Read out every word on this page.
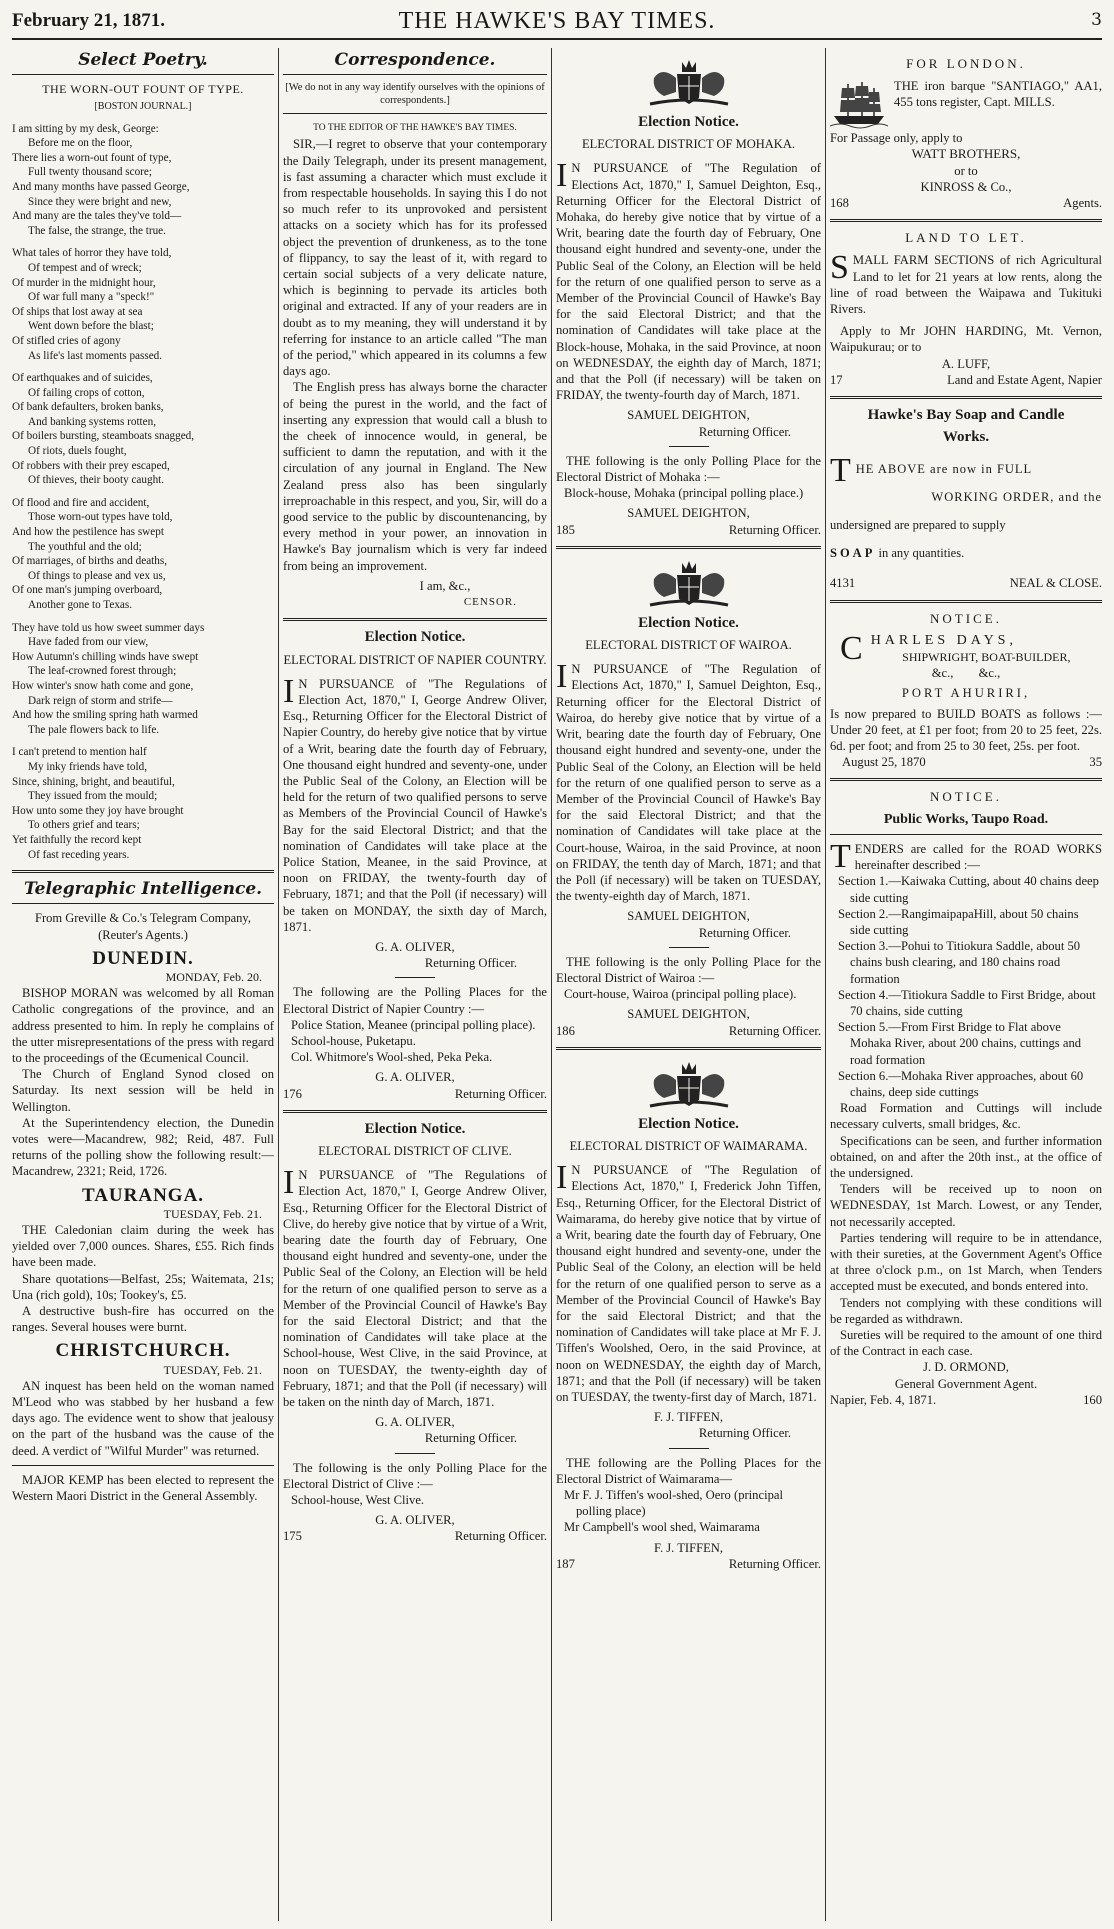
February 21, 1871.	THE HAWKE'S BAY TIMES.	3
Select Poetry.
THE WORN-OUT FOUNT OF TYPE.
[BOSTON JOURNAL.]
I am sitting by my desk, George:
Before me on the floor,
There lies a worn-out fount of type,
Full twenty thousand score;
And many months have passed George,
Since they were bright and new,
And many are the tales they've told—
The false, the strange, the true.
What tales of horror they have told,
Of tempest and of wreck;
Of murder in the midnight hour,
Of war full many a "speck!"
Of ships that lost away at sea
Went down before the blast;
Of stifled cries of agony
As life's last moments passed.
Of earthquakes and of suicides,
Of failing crops of cotton,
Of bank defaulters, broken banks,
And banking systems rotten,
Of boilers bursting, steamboats snagged,
Of riots, duels fought,
Of robbers with their prey escaped,
Of thieves, their booty caught.
Of flood and fire and accident,
Those worn-out types have told,
And how the pestilence has swept
The youthful and the old;
Of marriages, of births and deaths,
Of things to please and vex us,
Of one man's jumping overboard,
Another gone to Texas.
They have told us how sweet summer days
Have faded from our view,
How Autumn's chilling winds have swept
The leaf-crowned forest through;
How winter's snow hath come and gone,
Dark reign of storm and strife—
And how the smiling spring hath warmed
The pale flowers back to life.
I can't pretend to mention half
My inky friends have told,
Since, shining, bright, and beautiful,
They issued from the mould;
How unto some they joy have brought
To others grief and tears;
Yet faithfully the record kept
Of fast receding years.
Telegraphic Intelligence.
From Greville & Co.'s Telegram Company, (Reuter's Agents.)
DUNEDIN.
MONDAY, Feb. 20.

BISHOP MORAN was welcomed by all Roman Catholic congregations of the province, and an address presented to him. In reply he complains of the utter misrepresentations of the press with regard to the proceedings of the Œcumenical Council.

The Church of England Synod closed on Saturday. Its next session will be held in Wellington.

At the Superintendency election, the Dunedin votes were—Macandrew, 982; Reid, 487. Full returns of the polling show the following result:—Macandrew, 2321; Reid, 1726.

TAURANGA.
TUESDAY, Feb. 21.

THE Caledonian claim during the week has yielded over 7,000 ounces. Shares, £55. Rich finds have been made.

Share quotations—Belfast, 25s; Waitemata, 21s; Una (rich gold), 10s; Tookey's, £5.

A destructive bush-fire has occurred on the ranges. Several houses were burnt.

CHRISTCHURCH.
TUESDAY, Feb. 21.

AN inquest has been held on the woman named M'Leod who was stabbed by her husband a few days ago. The evidence went to show that jealousy on the part of the husband was the cause of the deed. A verdict of "Wilful Murder" was returned.

MAJOR KEMP has been elected to represent the Western Maori District in the General Assembly.

Correspondence.
[We do not in any way identify ourselves with the opinions of correspondents.]
TO THE EDITOR OF THE HAWKE'S BAY TIMES.

SIR,—I regret to observe that your contemporary the Daily Telegraph, under its present management, is fast assuming a character which must exclude it from respectable households. In saying this I do not so much refer to its unprovoked and persistent attacks on a society which has for its professed object the prevention of drunkeness, as to the tone of flippancy, to say the least of it, with regard to certain social subjects of a very delicate nature, which is beginning to pervade its articles both original and extracted. If any of your readers are in doubt as to my meaning, they will understand it by referring for instance to an article called "The man of the period," which appeared in its columns a few days ago.

The English press has always borne the character of being the purest in the world, and the fact of inserting any expression that would call a blush to the cheek of innocence would, in general, be sufficient to damn the reputation, and with it the circulation of any journal in England. The New Zealand press also has been singularly irreproachable in this respect, and you, Sir, will do a good service to the public by discountenancing, by every method in your power, an innovation in Hawke's Bay journalism which is very far indeed from being an improvement.

I am, &c.,
CENSOR.
Election Notice.
ELECTORAL DISTRICT OF NAPIER COUNTRY.
IN PURSUANCE of "The Regulations of Election Act, 1870," I, George Andrew Oliver, Esq., Returning Officer for the Electoral District of Napier Country, do hereby give notice that by virtue of a Writ, bearing date the fourth day of February, One thousand eight hundred and seventy-one, under the Public Seal of the Colony, an Election will be held for the return of two qualified persons to serve as Members of the Provincial Council of Hawke's Bay for the said Electoral District; and that the nomination of Candidates will take place at the Police Station, Meanee, in the said Province, at noon on FRIDAY, the twenty-fourth day of February, 1871; and that the Poll (if necessary) will be taken on MONDAY, the sixth day of March, 1871.
G. A. OLIVER,
Returning Officer.
The following are the Polling Places for the Electoral District of Napier Country :—
Police Station, Meanee (principal polling place).
School-house, Puketapu.
Col. Whitmore's Wool-shed, Peka Peka.
G. A. OLIVER,
176	Returning Officer.
Election Notice.
ELECTORAL DISTRICT OF CLIVE.
IN PURSUANCE of "The Regulations of Election Act, 1870," I, George Andrew Oliver, Esq., Returning Officer for the Electoral District of Clive, do hereby give notice that by virtue of a Writ, bearing date the fourth day of February, One thousand eight hundred and seventy-one, under the Public Seal of the Colony, an Election will be held for the return of one qualified person to serve as a Member of the Provincial Council of Hawke's Bay for the said Electoral District; and that the nomination of Candidates will take place at the School-house, West Clive, in the said Province, at noon on TUESDAY, the twenty-eighth day of February, 1871; and that the Poll (if necessary) will be taken on the ninth day of March, 1871.
G. A. OLIVER,
Returning Officer.
The following is the only Polling Place for the Electoral District of Clive :—
School-house, West Clive.
G. A. OLIVER,
175	Returning Officer.
Election Notice.
ELECTORAL DISTRICT OF MOHAKA.
IN PURSUANCE of "The Regulation of Elections Act, 1870," I, Samuel Deighton, Esq., Returning Officer for the Electoral District of Mohaka, do hereby give notice that by virtue of a Writ, bearing date the fourth day of February, One thousand eight hundred and seventy-one, under the Public Seal of the Colony, an Election will be held for the return of one qualified person to serve as a Member of the Provincial Council of Hawke's Bay for the said Electoral District; and that the nomination of Candidates will take place at the Block-house, Mohaka, in the said Province, at noon on WEDNESDAY, the eighth day of March, 1871; and that the Poll (if necessary) will be taken on FRIDAY, the twenty-fourth day of March, 1871.
SAMUEL DEIGHTON,
Returning Officer.
THE following is the only Polling Place for the Electoral District of Mohaka :—
Block-house, Mohaka (principal polling place.)
SAMUEL DEIGHTON,
185	Returning Officer.
Election Notice.
ELECTORAL DISTRICT OF WAIROA.
IN PURSUANCE of "The Regulation of Elections Act, 1870," I, Samuel Deighton, Esq., Returning officer for the Electoral District of Wairoa, do hereby give notice that by virtue of a Writ, bearing date the fourth day of February, One thousand eight hundred and seventy-one, under the Public Seal of the Colony, an Election will be held for the return of one qualified person to serve as a Member of the Provincial Council of Hawke's Bay for the said Electoral District; and that the nomination of Candidates will take place at the Court-house, Wairoa, in the said Province, at noon on FRIDAY, the tenth day of March, 1871; and that the Poll (if necessary) will be taken on TUESDAY, the twenty-eighth day of March, 1871.
SAMUEL DEIGHTON,
Returning Officer.
THE following is the only Polling Place for the Electoral District of Wairoa :—
Court-house, Wairoa (principal polling place).
SAMUEL DEIGHTON,
186	Returning Officer.
Election Notice.
ELECTORAL DISTRICT OF WAIMARAMA.
IN PURSUANCE of "The Regulation of Elections Act, 1870," I, Frederick John Tiffen, Esq., Returning Officer, for the Electoral District of Waimarama, do hereby give notice that by virtue of a Writ, bearing date the fourth day of February, One thousand eight hundred and seventy-one, under the Public Seal of the Colony, an election will be held for the return of one qualified person to serve as a Member of the Provincial Council of Hawke's Bay for the said Electoral District; and that the nomination of Candidates will take place at Mr F. J. Tiffen's Woolshed, Oero, in the said Province, at noon on WEDNESDAY, the eighth day of March, 1871; and that the Poll (if necessary) will be taken on TUESDAY, the twenty-first day of March, 1871.
F. J. TIFFEN,
Returning Officer.
THE following are the Polling Places for the Electoral District of Waimarama—
Mr F. J. Tiffen's wool-shed, Oero (principal polling place)
Mr Campbell's wool shed, Waimarama
F. J. TIFFEN,
187	Returning Officer.
FOR LONDON.
THE iron barque "SANTIAGO," AA1, 455 tons register, Capt. MILLS.
For Passage only, apply to
WATT BROTHERS,
or to
KINROSS & Co.,
168	Agents.
LAND TO LET.
SMALL FARM SECTIONS of rich Agricultural Land to let for 21 years at low rents, along the line of road between the Waipawa and Tukituki Rivers.
Apply to Mr JOHN HARDING, Mt. Vernon, Waipukurau; or to
A. LUFF,
17	Land and Estate Agent, Napier
Hawke's Bay Soap and Candle
Works.
THE ABOVE are now in FULL
WORKING ORDER, and the
undersigned are prepared to supply
SOAP in any quantities.
4131	NEAL & CLOSE.
NOTICE.
CHARLES DAYS,
SHIPWRIGHT, BOAT-BUILDER,
&c.,        &c.,
PORT AHURIRI,
Is now prepared to BUILD BOATS as follows :—Under 20 feet, at £1 per foot; from 20 to 25 feet, 22s. 6d. per foot; and from 25 to 30 feet, 25s. per foot.
August 25, 1870	35
NOTICE.
Public Works, Taupo Road.
TENDERS are called for the ROAD WORKS hereinafter described :—
Section 1.—Kaiwaka Cutting, about 40 chains deep side cutting
Section 2.—RangimaipapaHill, about 50 chains side cutting
Section 3.—Pohui to Titiokura Saddle, about 50 chains bush clearing, and 180 chains road formation
Section 4.—Titiokura Saddle to First Bridge, about 70 chains, side cutting
Section 5.—From First Bridge to Flat above Mohaka River, about 200 chains, cuttings and road formation
Section 6.—Mohaka River approaches, about 60 chains, deep side cuttings

Road Formation and Cuttings will include necessary culverts, small bridges, &c.

Specifications can be seen, and further information obtained, on and after the 20th inst., at the office of the undersigned.

Tenders will be received up to noon on WEDNESDAY, 1st March. Lowest, or any Tender, not necessarily accepted.

Parties tendering will require to be in attendance, with their sureties, at the Government Agent's Office at three o'clock p.m., on 1st March, when Tenders accepted must be executed, and bonds entered into.

Tenders not complying with these conditions will be regarded as withdrawn.

Sureties will be required to the amount of one third of the Contract in each case.

J. D. ORMOND,
General Government Agent.
Napier, Feb. 4, 1871.	160
